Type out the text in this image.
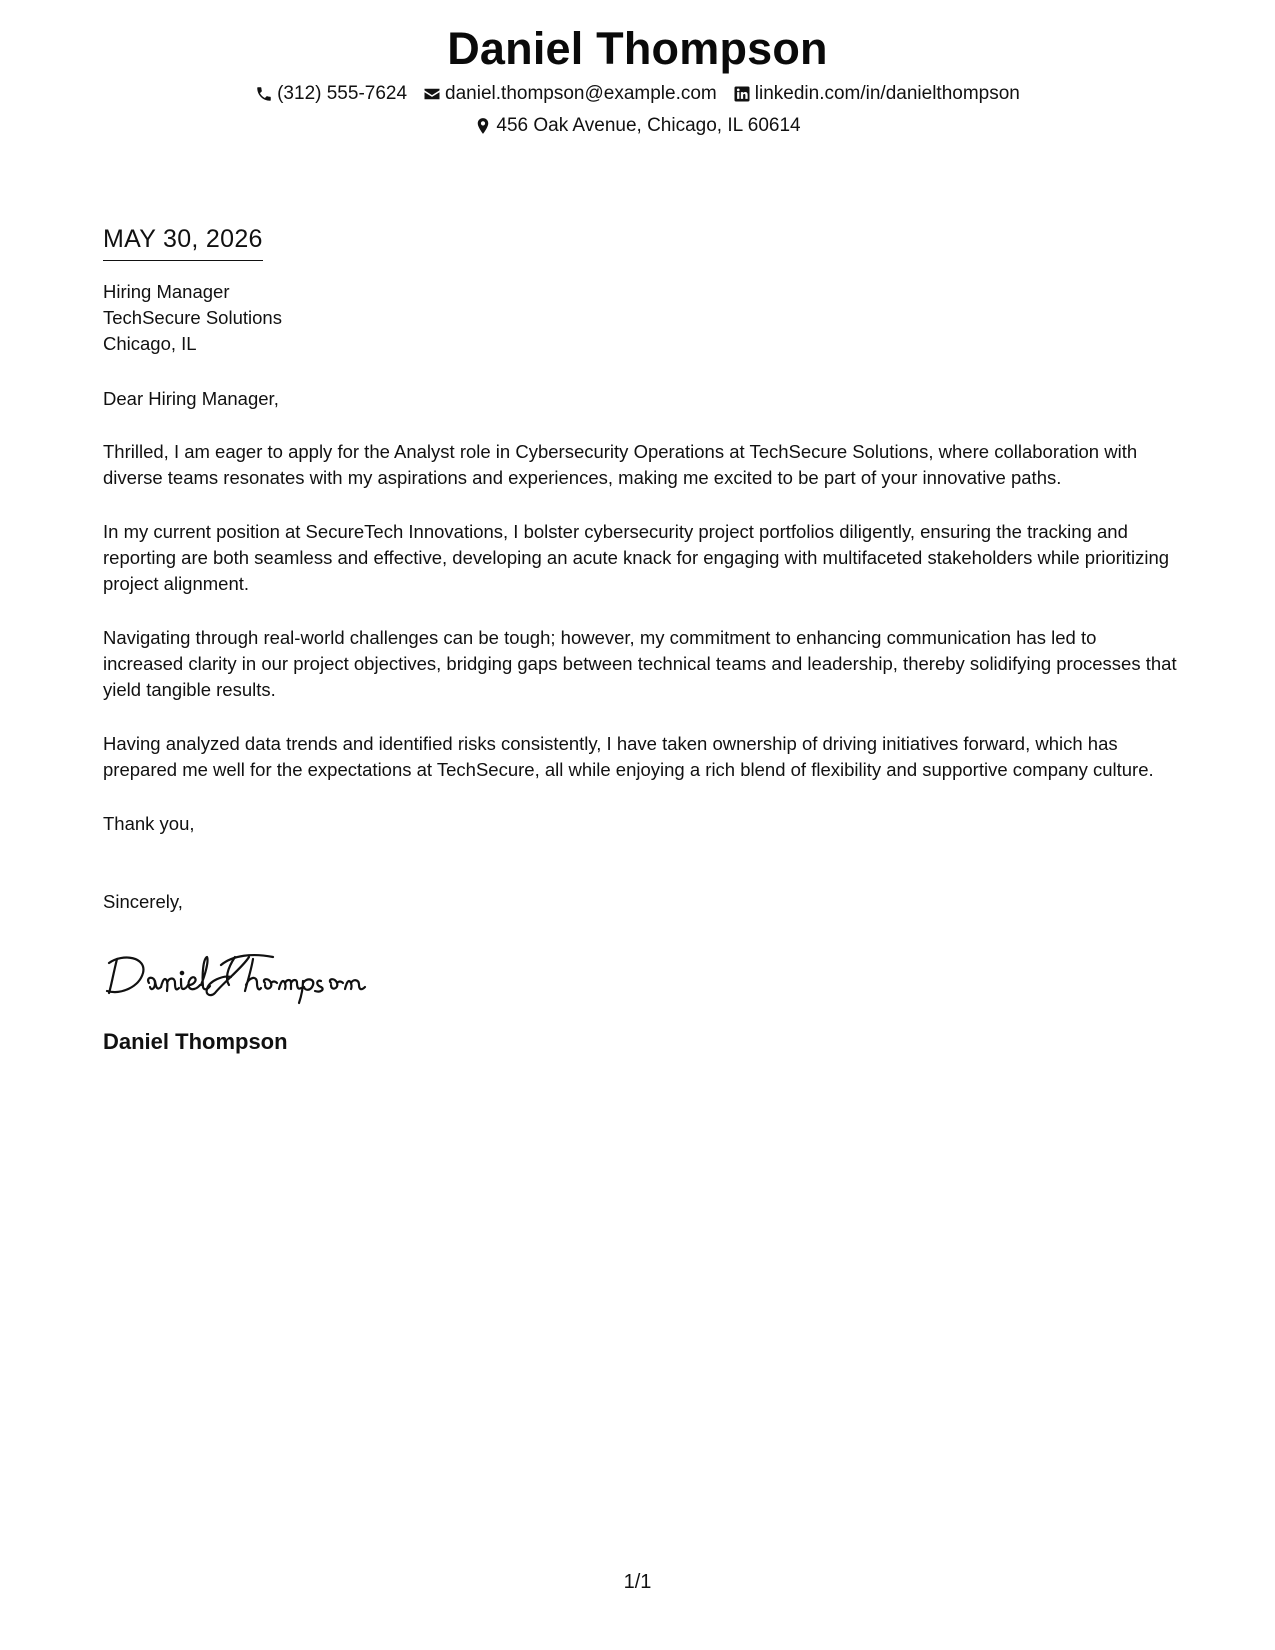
Daniel Thompson
(312) 555-7624 daniel.thompson@example.com linkedin.com/in/danielthompson
456 Oak Avenue, Chicago, IL 60614
MAY 30, 2026
Hiring Manager
TechSecure Solutions
Chicago, IL
Dear Hiring Manager,
Thrilled, I am eager to apply for the Analyst role in Cybersecurity Operations at TechSecure Solutions, where collaboration with diverse teams resonates with my aspirations and experiences, making me excited to be part of your innovative paths.
In my current position at SecureTech Innovations, I bolster cybersecurity project portfolios diligently, ensuring the tracking and reporting are both seamless and effective, developing an acute knack for engaging with multifaceted stakeholders while prioritizing project alignment.
Navigating through real-world challenges can be tough; however, my commitment to enhancing communication has led to increased clarity in our project objectives, bridging gaps between technical teams and leadership, thereby solidifying processes that yield tangible results.
Having analyzed data trends and identified risks consistently, I have taken ownership of driving initiatives forward, which has prepared me well for the expectations at TechSecure, all while enjoying a rich blend of flexibility and supportive company culture.
Thank you,
Sincerely,
Daniel Thompson
1/1
